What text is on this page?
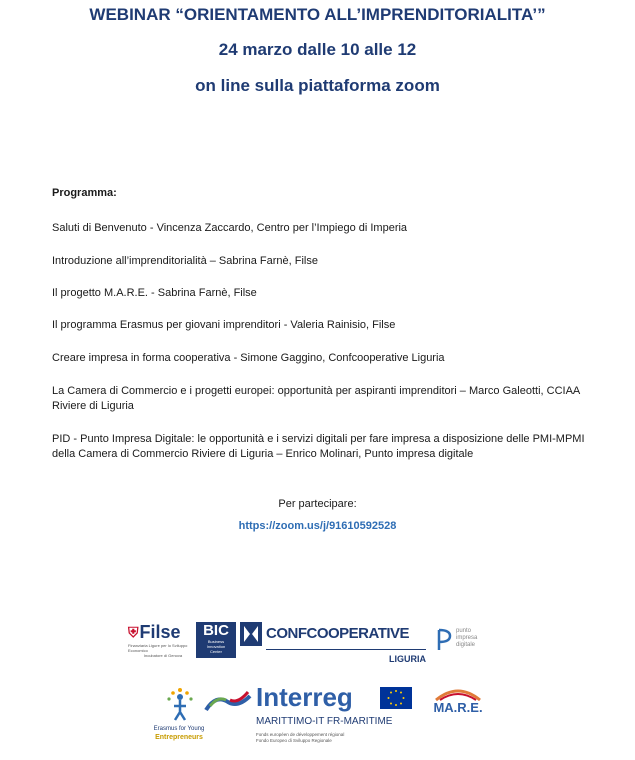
WEBINAR “ORIENTAMENTO ALL’IMPRENDITORIALITA’”
24 marzo dalle 10 alle 12
on line sulla piattaforma zoom
Programma:
Saluti di Benvenuto - Vincenza Zaccardo, Centro per l’Impiego di Imperia
Introduzione all’imprenditorialità – Sabrina Farnè, Filse
Il progetto M.A.R.E. - Sabrina Farnè, Filse
Il programma Erasmus per giovani imprenditori - Valeria Rainisio, Filse
Creare impresa in forma cooperativa - Simone Gaggino, Confcooperative Liguria
La Camera di Commercio e i progetti europei: opportunità per aspiranti imprenditori – Marco Galeotti, CCIAA Riviere di Liguria
PID - Punto Impresa Digitale: le opportunità e i servizi digitali per fare impresa a disposizione delle PMI-MPMI della Camera di Commercio Riviere di Liguria – Enrico Molinari, Punto impresa digitale
Per partecipare:
https://zoom.us/j/91610592528
⛨ Filse
Finanziaria Ligure per lo Sviluppo Economico
Incubatore di Genova
BIC
Business
Innovation
Center
CONFCOOPERATIVE
LIGURIA
punto
impresa
digitale
Erasmus for Young
Entrepreneurs
Interreg
MARITTIMO-IT FR-MARITIME
Fonds européen de développement régional
Fondo Europeo di Sviluppo Regionale
MA.R.E.
